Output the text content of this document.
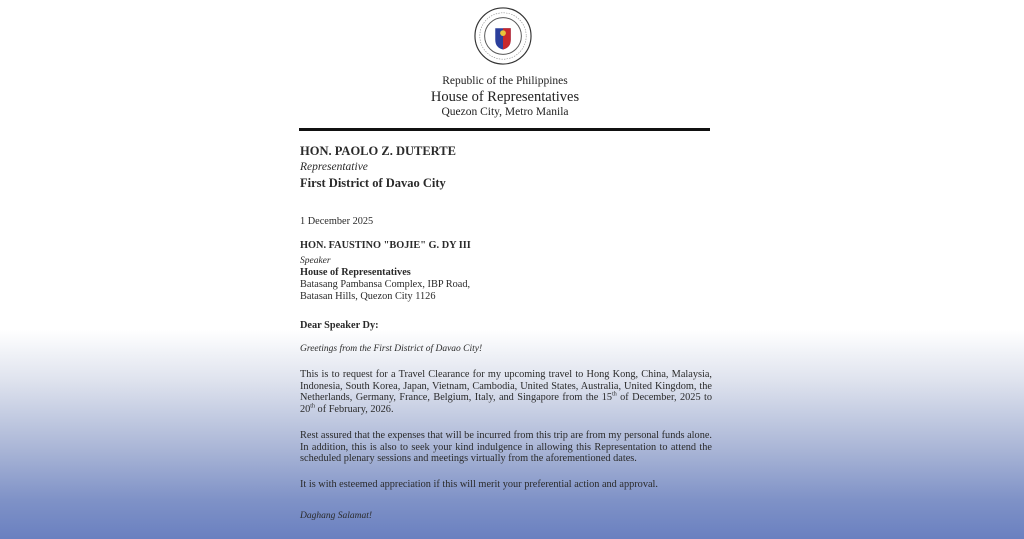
Republic of the Philippines
House of Representatives
Quezon City, Metro Manila
HON. PAOLO Z. DUTERTE
Representative
First District of Davao City
1 December 2025
HON. FAUSTINO "BOJIE" G. DY III
Speaker
House of Representatives
Batasang Pambansa Complex, IBP Road,
Batasan Hills, Quezon City 1126
Dear Speaker Dy:
Greetings from the First District of Davao City!
This is to request for a Travel Clearance for my upcoming travel to Hong Kong, China, Malaysia, Indonesia, South Korea, Japan, Vietnam, Cambodia, United States, Australia, United Kingdom, the Netherlands, Germany, France, Belgium, Italy, and Singapore from the 15th of December, 2025 to 20th of February, 2026.
Rest assured that the expenses that will be incurred from this trip are from my personal funds alone. In addition, this is also to seek your kind indulgence in allowing this Representation to attend the scheduled plenary sessions and meetings virtually from the aforementioned dates.
It is with esteemed appreciation if this will merit your preferential action and approval.
Daghang Salamat!
